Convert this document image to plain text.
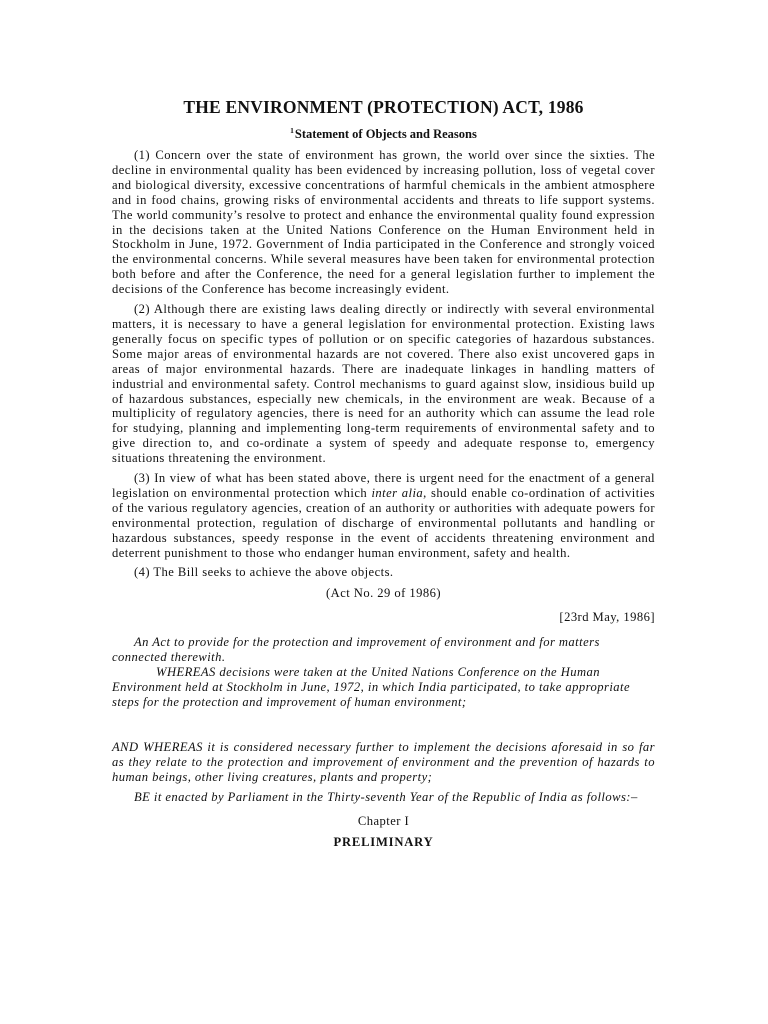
THE ENVIRONMENT (PROTECTION) ACT, 1986
$^1$Statement of Objects and Reasons

(1) Concern over the state of environment has grown, the world over since the sixties. The decline in environmental quality has been evidenced by increasing pollution, loss of vegetal cover and biological diversity, excessive concentrations of harmful chemicals in the ambient atmosphere and in food chains, growing risks of environmental accidents and threats to life support systems. The world community’s resolve to protect and enhance the environmental quality found expression in the decisions taken at the United Nations Conference on the Human Environment held in Stockholm in June, 1972. Government of India participated in the Conference and strongly voiced the environmental concerns. While several measures have been taken for environmental protection both before and after the Conference, the need for a general legislation further to implement the decisions of the Conference has become increasingly evident.

(2) Although there are existing laws dealing directly or indirectly with several environmental matters, it is necessary to have a general legislation for environmental protection. Existing laws generally focus on specific types of pollution or on specific categories of hazardous substances. Some major areas of environmental hazards are not covered. There also exist uncovered gaps in areas of major environmental hazards. There are inadequate linkages in handling matters of industrial and environmental safety. Control mechanisms to guard against slow, insidious build up of hazardous substances, especially new chemicals, in the environment are weak. Because of a multiplicity of regulatory agencies, there is need for an authority which can assume the lead role for studying, planning and implementing long-term requirements of environmental safety and to give direction to, and co-ordinate a system of speedy and adequate response to, emergency situations threatening the environment.

(3) In view of what has been stated above, there is urgent need for the enactment of a general legislation on environmental protection which inter alia, should enable co-ordination of activities of the various regulatory agencies, creation of an authority or authorities with adequate powers for environmental protection, regulation of discharge of environmental pollutants and handling or hazardous substances, speedy response in the event of accidents threatening environment and deterrent punishment to those who endanger human environment, safety and health.

(4) The Bill seeks to achieve the above objects.

(Act No. 29 of 1986)
[23rd May, 1986]

An Act to provide for the protection and improvement of environment and for matters connected therewith.

WHEREAS decisions were taken at the United Nations Conference on the Human Environment held at Stockholm in June, 1972, in which India participated, to take appropriate steps for the protection and improvement of human environment;

AND WHEREAS it is considered necessary further to implement the decisions aforesaid in so far as they relate to the protection and improvement of environment and the prevention of hazards to human beings, other living creatures, plants and property;

BE it enacted by Parliament in the Thirty-seventh Year of the Republic of India as follows:–

Chapter I
PRELIMINARY
